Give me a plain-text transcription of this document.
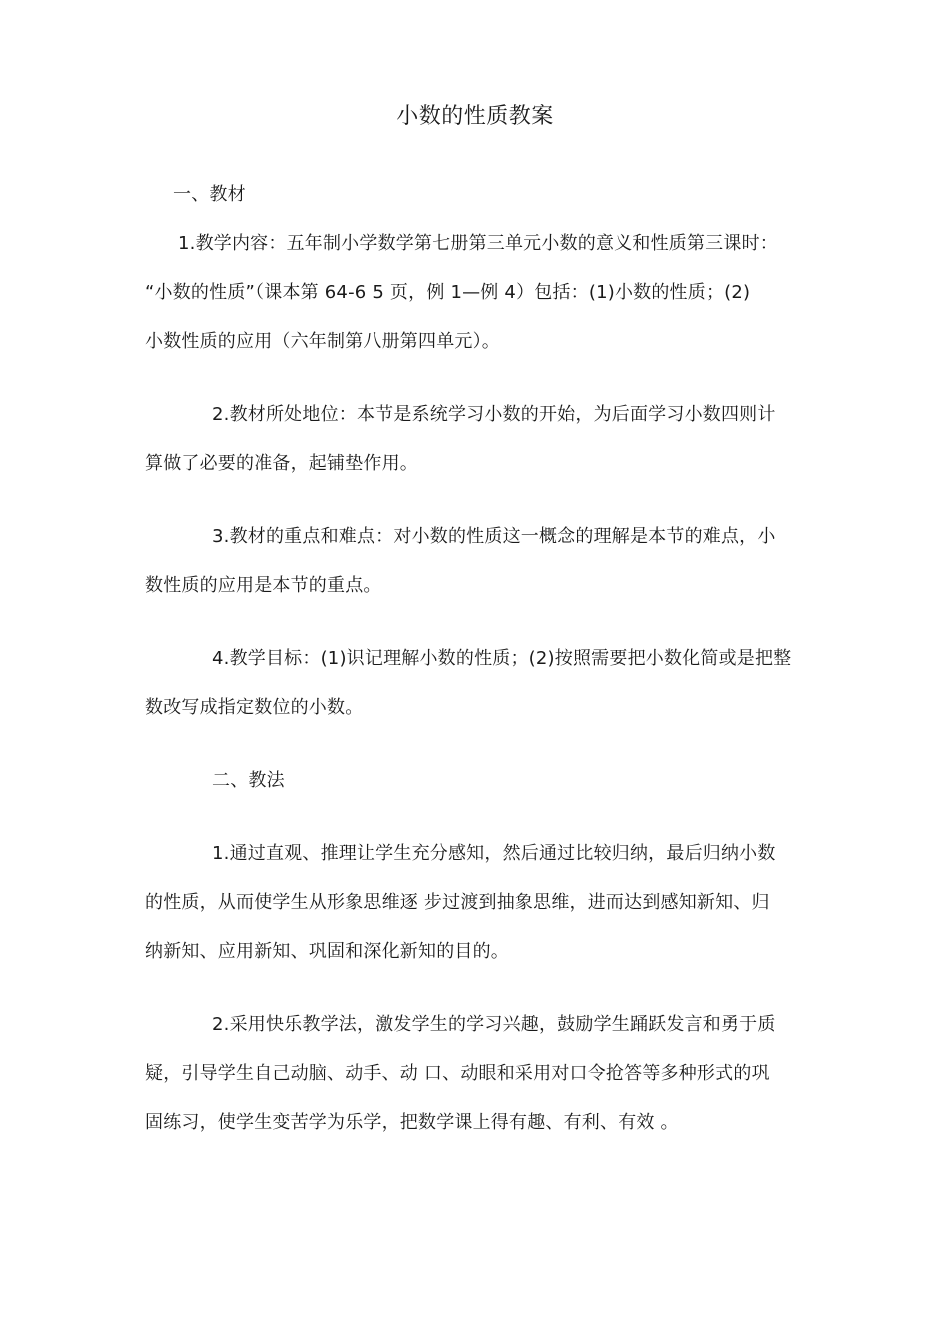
小数的性质教案
一、教材
1.教学内容：五年制小学数学第七册第三单元小数的意义和性质第三课时：
“小数的性质”（课本第 64-6 5 页，例 1—例 4）包括：(1)小数的性质；(2)
小数性质的应用（六年制第八册第四单元）。
2.教材所处地位：本节是系统学习小数的开始，为后面学习小数四则计
算做了必要的准备，起铺垫作用。
3.教材的重点和难点：对小数的性质这一概念的理解是本节的难点，小
数性质的应用是本节的重点。
4.教学目标：(1)识记理解小数的性质；(2)按照需要把小数化简或是把整
数改写成指定数位的小数。
二、教法
1.通过直观、推理让学生充分感知，然后通过比较归纳，最后归纳小数
的性质，从而使学生从形象思维逐 步过渡到抽象思维，进而达到感知新知、归
纳新知、应用新知、巩固和深化新知的目的。
2.采用快乐教学法，激发学生的学习兴趣，鼓励学生踊跃发言和勇于质
疑，引导学生自己动脑、动手、动 口、动眼和采用对口令抢答等多种形式的巩
固练习，使学生变苦学为乐学，把数学课上得有趣、有利、有效 。
